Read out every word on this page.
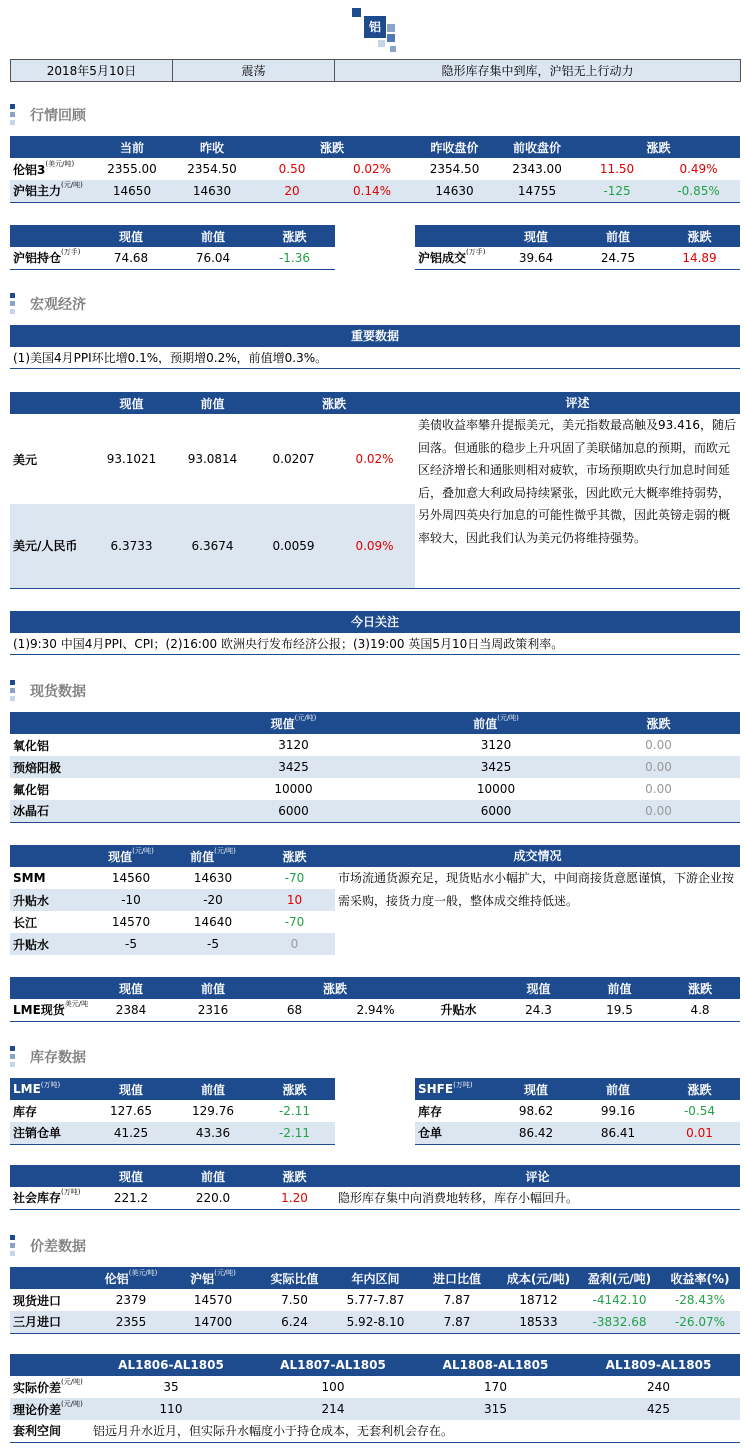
铝
2018年5月10日	震荡	隐形库存集中到库，沪铝无上行动力
行情回顾
	当前	昨收	涨跌		昨收盘价	前收盘价	涨跌	
伦铝$3^{(美元/吨)}$	2355.00	2354.50	0.50	0.02%	2354.50	2343.00	11.50	0.49%
沪铝主力$^{(元/吨)}$	14650	14630	20	0.14%	14630	14755	-125	-0.85%
	现值	前值	涨跌
沪铝持仓$^{(万手)}$	74.68	76.04	-1.36
	现值	前值	涨跌
沪铝成交$^{(万手)}$	39.64	24.75	14.89
宏观经济
重要数据
(1)美国4月PPI环比增0.1%，预期增0.2%，前值增0.3%。
	现值	前值	涨跌	
美元	93.1021	93.0814	0.0207	0.02%
美元/人民币	6.3733	6.3674	0.0059	0.09%
评述
美债收益率攀升提振美元，美元指数最高触及93.416，随后回落。但通胀的稳步上升巩固了美联储加息的预期，而欧元区经济增长和通胀则相对疲软，市场预期欧央行加息时间延后，叠加意大利政局持续紧张，因此欧元大概率维持弱势，另外周四英央行加息的可能性微乎其微，因此英镑走弱的概率较大，因此我们认为美元仍将维持强势。
今日关注
(1)9:30 中国4月PPI、CPI；(2)16:00 欧洲央行发布经济公报；(3)19:00 英国5月10日当周政策利率。
现货数据
	现值$^{(元/吨)}$	前值$^{(元/吨)}$	涨跌
氧化铝	3120	3120	0.00
预焙阳极	3425	3425	0.00
氟化铝	10000	10000	0.00
冰晶石	6000	6000	0.00
	现值$^{(元/吨)}$	前值$^{(元/吨)}$	涨跌
SMM	14560	14630	-70
升贴水	-10	-20	10
长江	14570	14640	-70
升贴水	-5	-5	0
成交情况
市场流通货源充足，现货贴水小幅扩大，中间商接货意愿谨慎，下游企业按需采购，接货力度一般，整体成交维持低迷。
	现值	前值	涨跌			现值	前值	涨跌
LME现货$^{美元/吨}$	2384	2316	68	2.94%	升贴水	24.3	19.5	4.8
库存数据
$LME^{(万吨)}$	现值	前值	涨跌
库存	127.65	129.76	-2.11
注销仓单	41.25	43.36	-2.11
$SHFE^{(万吨)}$	现值	前值	涨跌
库存	98.62	99.16	-0.54
仓单	86.42	86.41	0.01
	现值	前值	涨跌	评论
社会库存$^{(万吨)}$	221.2	220.0	1.20	隐形库存集中向消费地转移，库存小幅回升。
价差数据
	伦铝$^{(美元/吨)}$	沪铝$^{(元/吨)}$	实际比值	年内区间	进口比值	成本(元/吨)	盈利(元/吨)	收益率(%)
现货进口	2379	14570	7.50	5.77-7.87	7.87	18712	-4142.10	-28.43%
三月进口	2355	14700	6.24	5.92-8.10	7.87	18533	-3832.68	-26.07%
	AL1806-AL1805	AL1807-AL1805	AL1808-AL1805	AL1809-AL1805
实际价差$^{(元/吨)}$	35	100	170	240
理论价差$^{(元/吨)}$	110	214	315	425
套利空间	铝远月升水近月，但实际升水幅度小于持仓成本，无套利机会存在。			
